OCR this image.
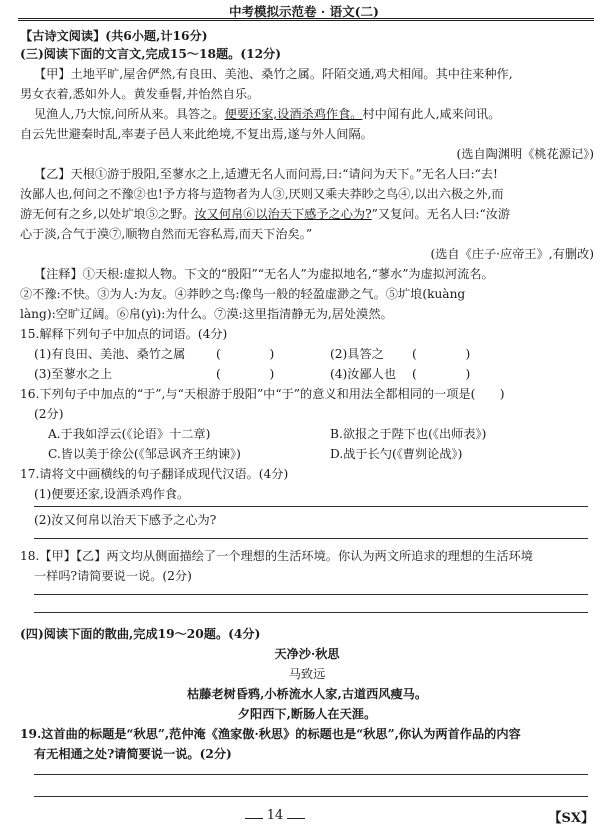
中考模拟示范卷 · 语文(二)
【古诗文阅读】(共6小题,计16分)
(三)阅读下面的文言文,完成15～18题。(12分)
【甲】土地平旷,屋舍俨然,有良田、美池、桑竹之属。阡陌交通,鸡犬相闻。其中往来种作,
男女衣着,悉如外人。黄发垂髫,并怡然自乐。
见渔人,乃大惊,问所从来。具答之。便要还家,设酒杀鸡作食。村中闻有此人,咸来问讯。
自云先世避秦时乱,率妻子邑人来此绝境,不复出焉,遂与外人间隔。
(选自陶渊明《桃花源记》)
【乙】天根①游于殷阳,至蓼水之上,适遭无名人而问焉,曰:“请问为天下。”无名人曰:“去!
汝鄙人也,何问之不豫②也!予方将与造物者为人③,厌则又乘夫莽眇之鸟④,以出六极之外,而
游无何有之乡,以处圹埌⑤之野。汝又何帛⑥以治天下感予之心为?”又复问。无名人曰:“汝游
心于淡,合气于漠⑦,顺物自然而无容私焉,而天下治矣。”
(选自《庄子·应帝王》,有删改)
【注释】①天根:虚拟人物。下文的“殷阳”“无名人”为虚拟地名,“蓼水”为虚拟河流名。
②不豫:不快。③为人:为友。④莽眇之鸟:像鸟一般的轻盈虚渺之气。⑤圹埌(kuàng
làng):空旷辽阔。⑥帛(yì):为什么。⑦漠:这里指清静无为,居处漠然。
15.解释下列句子中加点的词语。(4分)
(1)有良田、美池、桑竹之属	(　　　　)	(2)具答之 (　　　　)
(3)至蓼水之上	(　　　　)	(4)汝鄙人也 (　　　　)
16.下列句子中加点的“于”,与“天根游于殷阳”中“于”的意义和用法全都相同的一项是(　　)
(2分)
A.于我如浮云(《论语》十二章)	B.欲报之于陛下也(《出师表》)
C.皆以美于徐公(《邹忌讽齐王纳谏》)	D.战于长勺(《曹刿论战》)
17.请将文中画横线的句子翻译成现代汉语。(4分)
(1)便要还家,设酒杀鸡作食。
(2)汝又何帛以治天下感予之心为?
18.【甲】【乙】两文均从侧面描绘了一个理想的生活环境。你认为两文所追求的理想的生活环境
一样吗?请简要说一说。(2分)
(四)阅读下面的散曲,完成19～20题。(4分)
天净沙·秋思
马致远
枯藤老树昏鸦,小桥流水人家,古道西风瘦马。
夕阳西下,断肠人在天涯。
19.这首曲的标题是“秋思”,范仲淹《渔家傲·秋思》的标题也是“秋思”,你认为两首作品的内容
有无相通之处?请简要说一说。(2分)
14	【SX】
